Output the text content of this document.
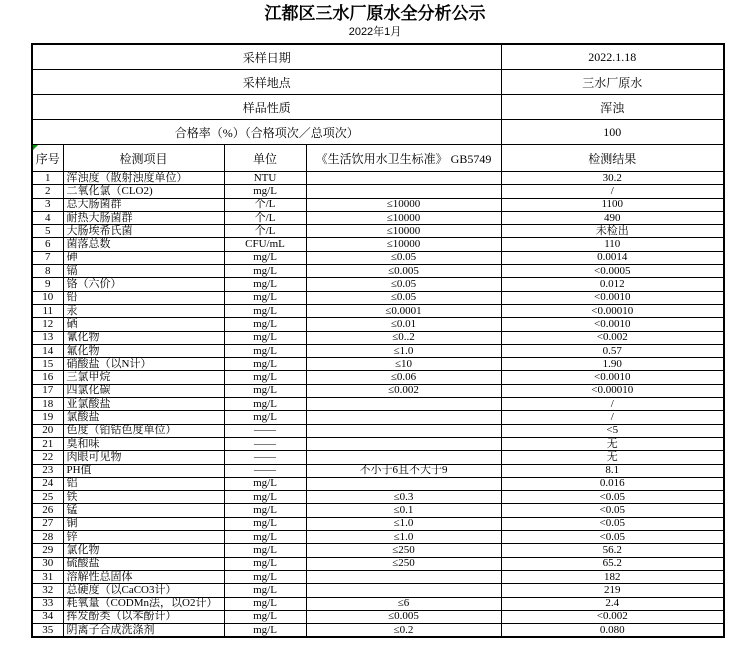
江都区三水厂原水全分析公示
2022年1月
采样日期				2022.1.18
采样地点				三水厂原水
样品性质				浑浊
合格率（%）（合格项次／总项次）				100

序号	检测项目	单位	《生活饮用水卫生标准》 GB5749	检测结果
1	浑浊度（散射浊度单位）	NTU		30.2
2	二氧化氯（CLO2)	mg/L		/
3	总大肠菌群	个/L	≤10000	1100
4	耐热大肠菌群	个/L	≤10000	490
5	大肠埃希氏菌	个/L	≤10000	未检出
6	菌落总数	CFU/mL	≤10000	110
7	砷	mg/L	≤0.05	0.0014
8	镉	mg/L	≤0.005	<0.0005
9	铬（六价）	mg/L	≤0.05	0.012
10	铅	mg/L	≤0.05	<0.0010
11	汞	mg/L	≤0.0001	<0.00010
12	硒	mg/L	≤0.01	<0.0010
13	氰化物	mg/L	≤0..2	<0.002
14	氟化物	mg/L	≤1.0	0.57
15	硝酸盐（以N计）	mg/L	≤10	1.90
16	三氯甲烷	mg/L	≤0.06	<0.0010
17	四氯化碳	mg/L	≤0.002	<0.00010
18	亚氯酸盐	mg/L		/
19	氯酸盐	mg/L		/
20	色度（铂钴色度单位）	——		<5
21	臭和味	——		无
22	肉眼可见物	——		无
23	PH值	——	不小于6且不大于9	8.1
24	铝	mg/L		0.016
25	铁	mg/L	≤0.3	<0.05
26	锰	mg/L	≤0.1	<0.05
27	铜	mg/L	≤1.0	<0.05
28	锌	mg/L	≤1.0	<0.05
29	氯化物	mg/L	≤250	56.2
30	硫酸盐	mg/L	≤250	65.2
31	溶解性总固体	mg/L		182
32	总硬度（以CaCO3计）	mg/L		219
33	耗氧量（CODMn法，以O2计）	mg/L	≤6	2.4
34	挥发酚类（以苯酚计）	mg/L	≤0.005	<0.002
35	阴离子合成洗涤剂	mg/L	≤0.2	0.080
